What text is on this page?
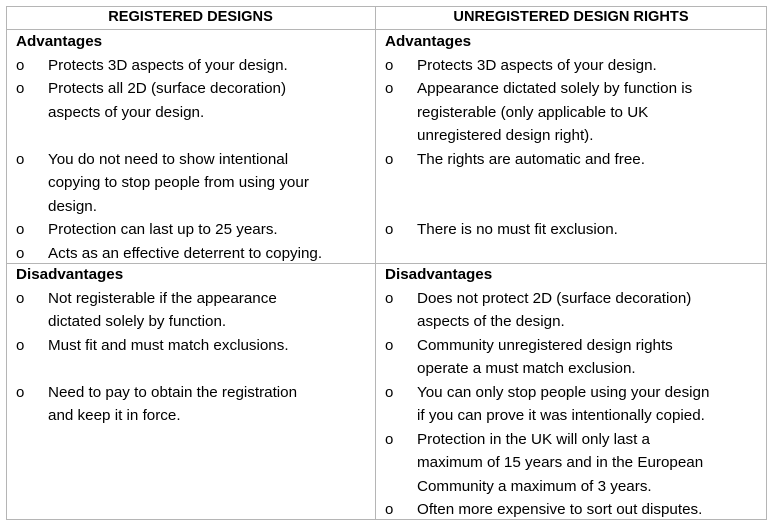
REGISTERED DESIGNS	UNREGISTERED DESIGN RIGHTS
Advantages
o Protects 3D aspects of your design.
o Protects all 2D (surface decoration)
aspects of your design.
o You do not need to show intentional
copying to stop people from using your
design.
o Protection can last up to 25 years.
o Acts as an effective deterrent to copying.
Disadvantages
o Not registerable if the appearance
dictated solely by function.
o Must fit and must match exclusions.
o Need to pay to obtain the registration
and keep it in force.
Advantages
o Protects 3D aspects of your design.
o Appearance dictated solely by function is
registerable (only applicable to UK
unregistered design right).
o The rights are automatic and free.
o There is no must fit exclusion.
Disadvantages
o Does not protect 2D (surface decoration)
aspects of the design.
o Community unregistered design rights
operate a must match exclusion.
o You can only stop people using your design
if you can prove it was intentionally copied.
o Protection in the UK will only last a
maximum of 15 years and in the European
Community a maximum of 3 years.
o Often more expensive to sort out disputes.
